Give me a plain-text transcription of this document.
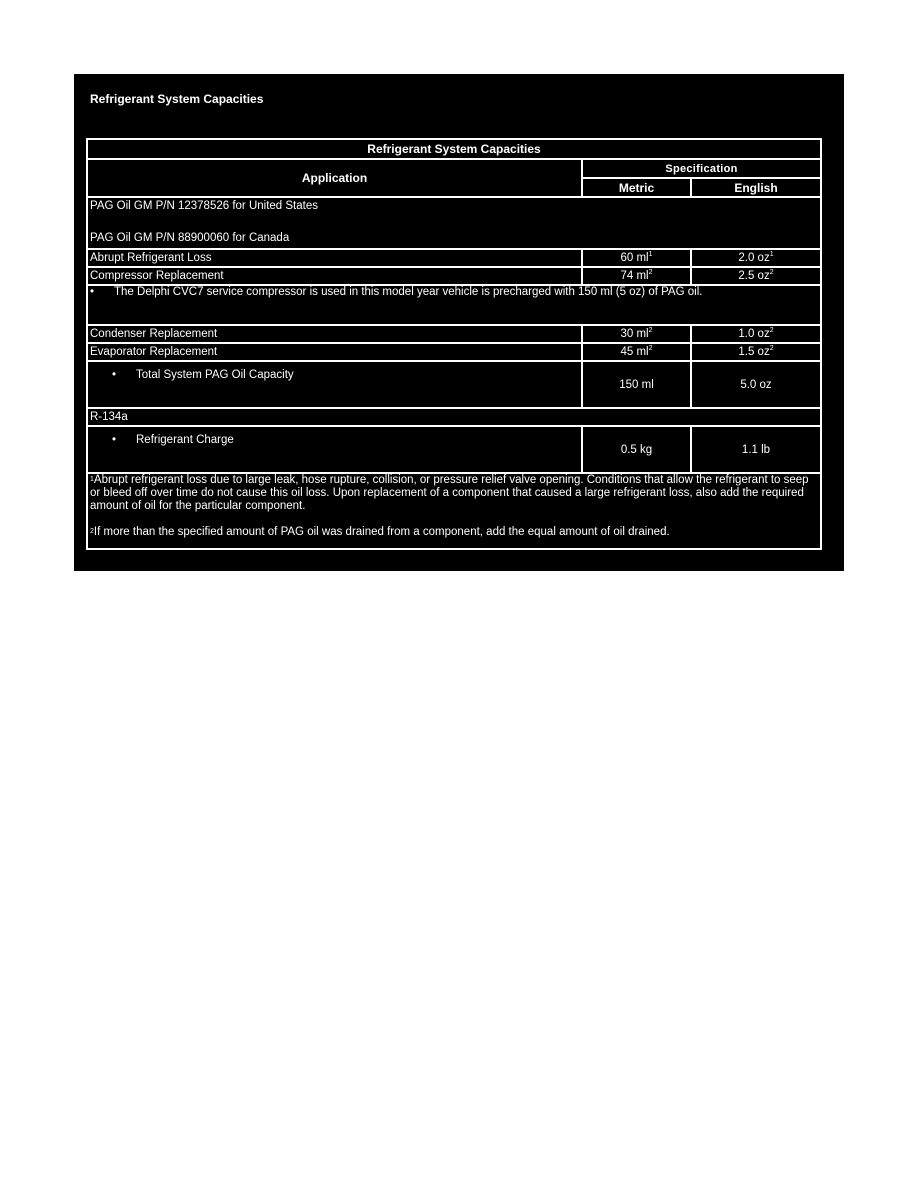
Refrigerant System Capacities
Refrigerant System Capacities		
Application	Specification	
	Metric	English

PAG Oil GM P/N 12378526 for United States
PAG Oil GM P/N 88900060 for Canada		

Abrupt Refrigerant Loss	60 $ml^1$	2.0 $oz^1$
Compressor Replacement	74 $ml^2$	2.5 $oz^2$
• The Delphi CVC7 service compressor is used in this model year vehicle is precharged with 150 ml (5 oz) of PAG oil.		
Condenser Replacement	30 $ml^2$	1.0 $oz^2$
Evaporator Replacement	45 $ml^2$	1.5 $oz^2$
• Total System PAG Oil Capacity	150 ml	5.0 oz
R-134a		
• Refrigerant Charge	0.5 kg	1.1 lb

$^1$Abrupt refrigerant loss due to large leak, hose rupture, collision, or pressure relief valve opening. Conditions that allow the refrigerant to seep or bleed off over time do not cause this oil loss. Upon replacement of a component that caused a large refrigerant loss, also add the required amount of oil for the particular component.
$^2$If more than the specified amount of PAG oil was drained from a component, add the equal amount of oil drained.		
